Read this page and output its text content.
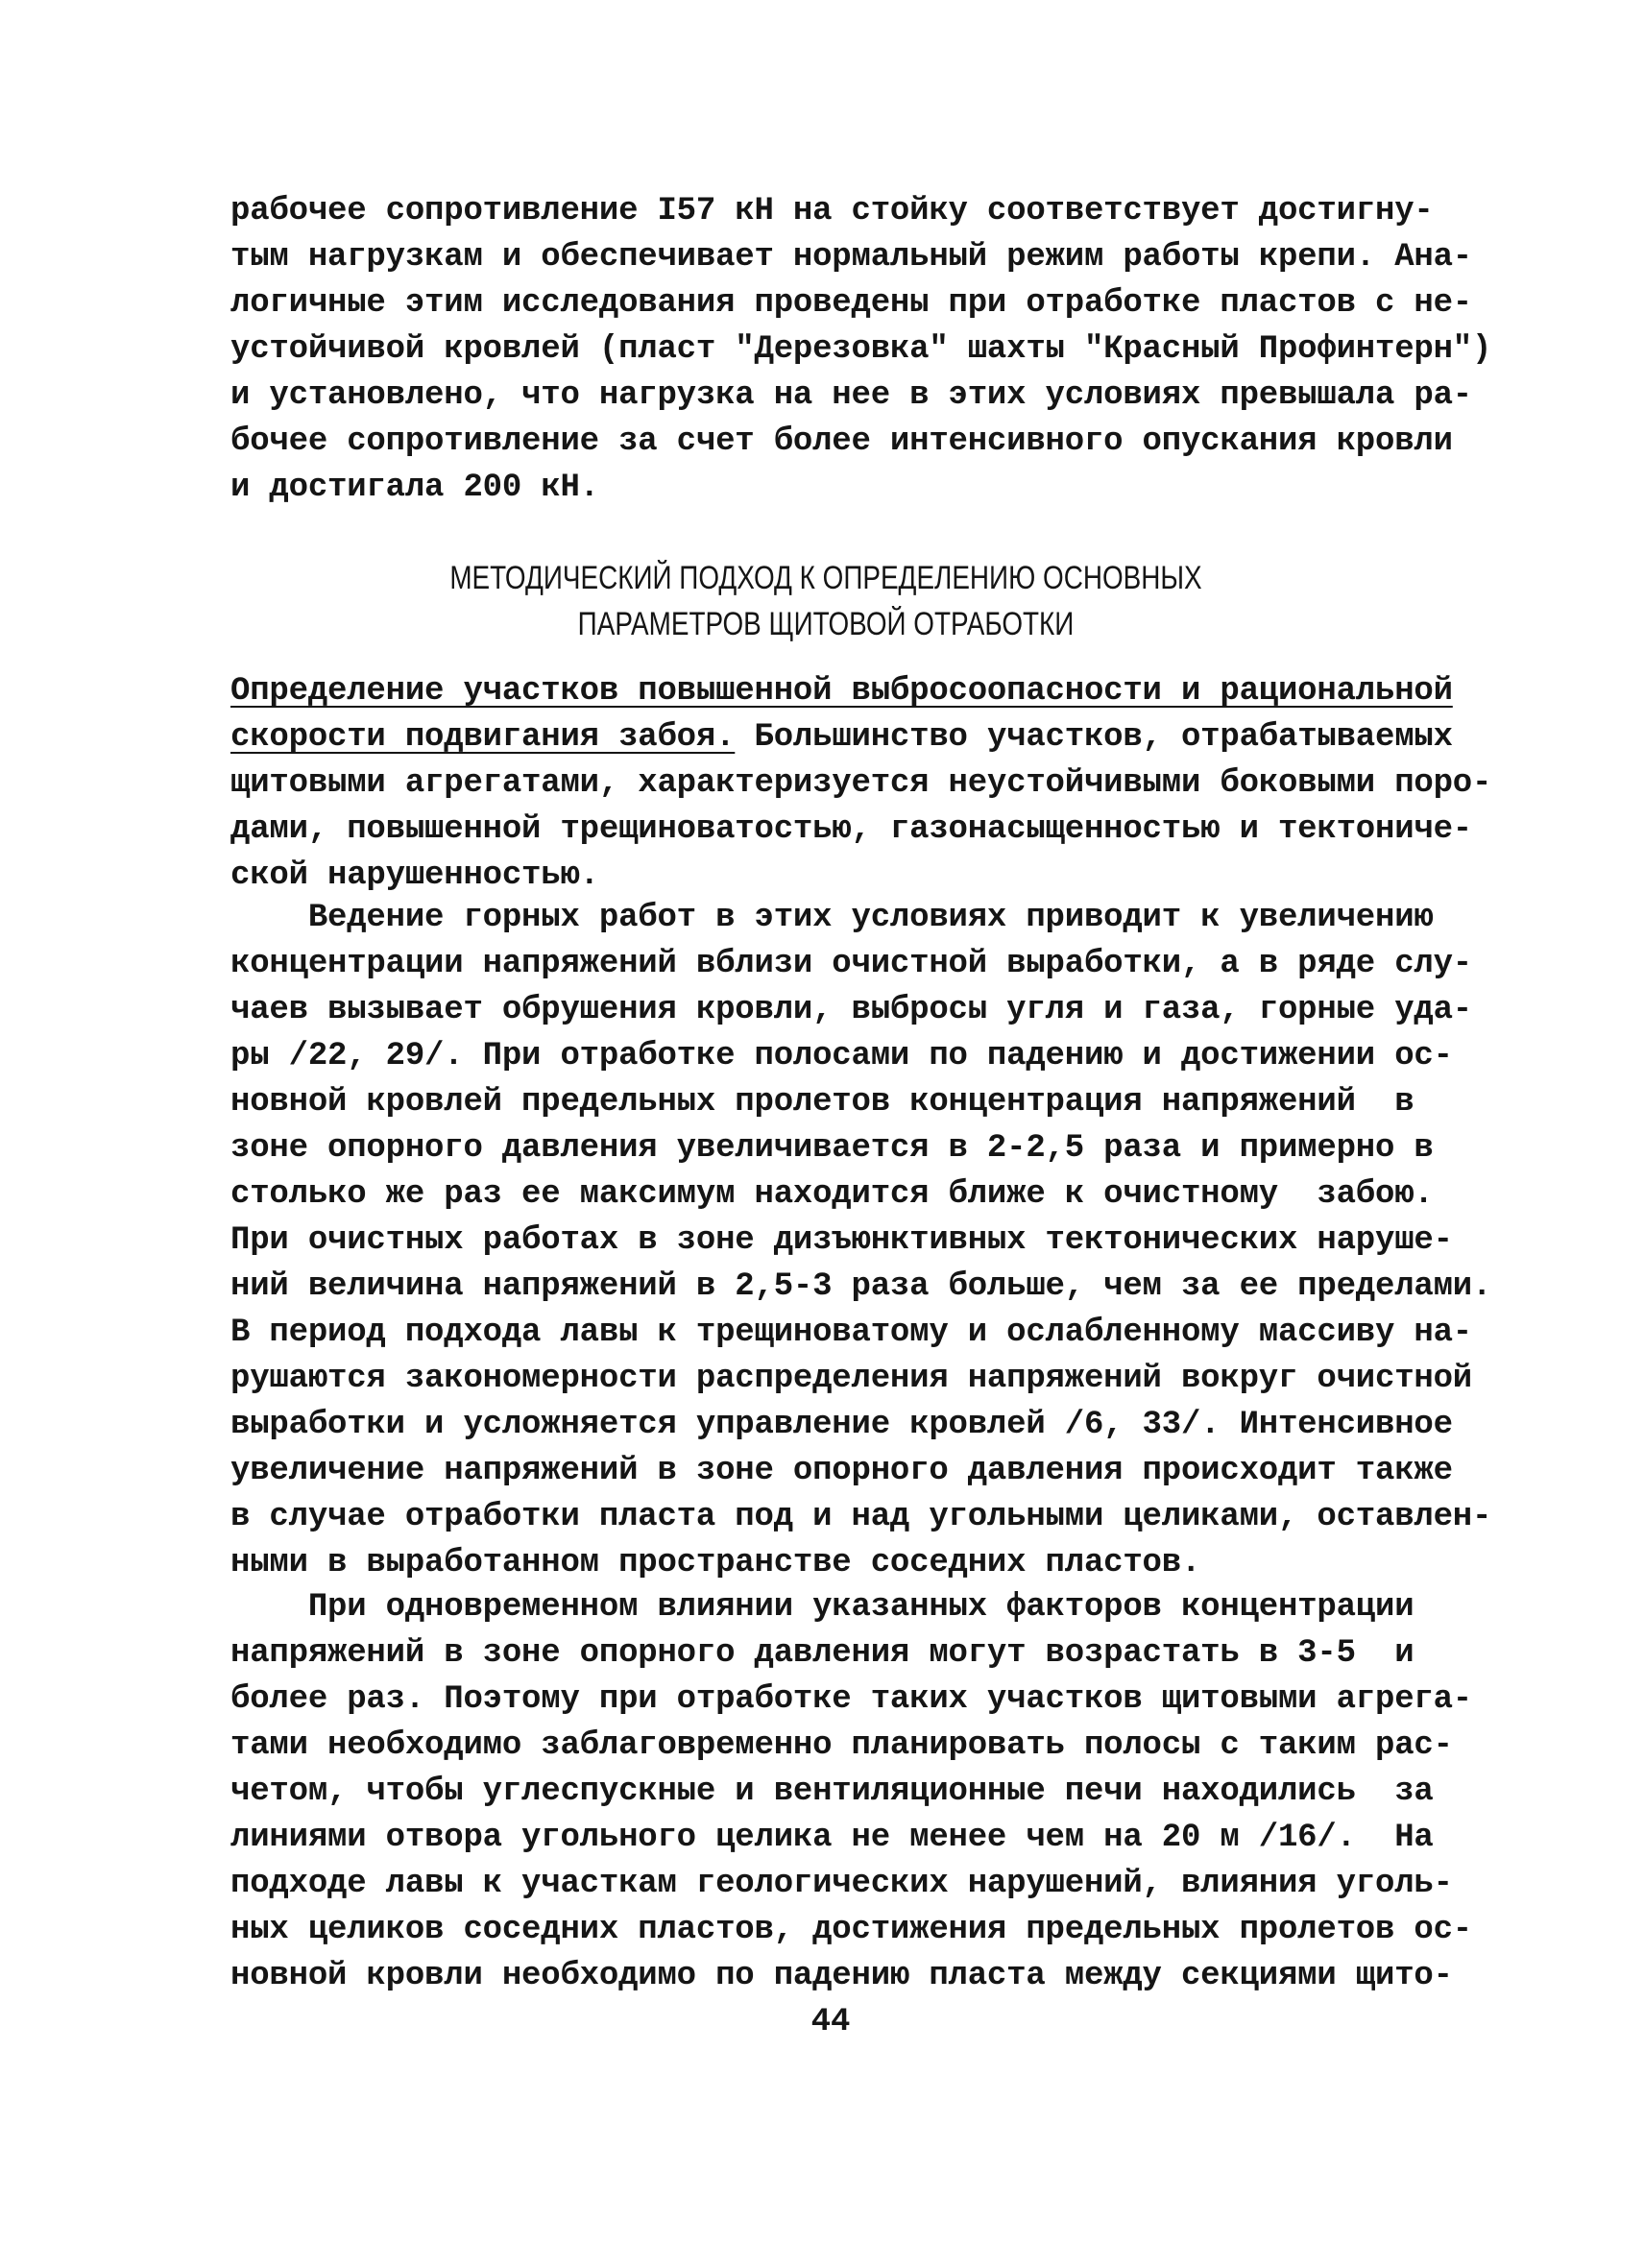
рабочее сопротивление I57 кН на стойку соответствует достигну-
тым нагрузкам и обеспечивает нормальный режим работы крепи. Ана-
логичные этим исследования проведены при отработке пластов с не-
устойчивой кровлей (пласт "Дерезовка" шахты "Красный Профинтерн")
и установлено, что нагрузка на нее в этих условиях превышала ра-
бочее сопротивление за счет более интенсивного опускания кровли
и достигала 200 кН.
МЕТОДИЧЕСКИЙ ПОДХОД К ОПРЕДЕЛЕНИЮ ОСНОВНЫХ
ПАРАМЕТРОВ ЩИТОВОЙ ОТРАБОТКИ
Определение участков повышенной выбросоопасности и рациональной
скорости подвигания забоя. Большинство участков, отрабатываемых
щитовыми агрегатами, характеризуется неустойчивыми боковыми поро-
дами, повышенной трещиноватостью, газонасыщенностью и тектониче-
ской нарушенностью.
Ведение горных работ в этих условиях приводит к увеличению
концентрации напряжений вблизи очистной выработки, а в ряде слу-
чаев вызывает обрушения кровли, выбросы угля и газа, горные уда-
ры /22, 29/. При отработке полосами по падению и достижении ос-
новной кровлей предельных пролетов концентрация напряжений  в
зоне опорного давления увеличивается в 2-2,5 раза и примерно в
столько же раз ее максимум находится ближе к очистному  забою.
При очистных работах в зоне дизъюнктивных тектонических наруше-
ний величина напряжений в 2,5-3 раза больше, чем за ее пределами.
В период подхода лавы к трещиноватому и ослабленному массиву на-
рушаются закономерности распределения напряжений вокруг очистной
выработки и усложняется управление кровлей /6, 33/. Интенсивное
увеличение напряжений в зоне опорного давления происходит также
в случае отработки пласта под и над угольными целиками, оставлен-
ными в выработанном пространстве соседних пластов.
При одновременном влиянии указанных факторов концентрации
напряжений в зоне опорного давления могут возрастать в 3-5  и
более раз. Поэтому при отработке таких участков щитовыми агрега-
тами необходимо заблаговременно планировать полосы с таким рас-
четом, чтобы углеспускные и вентиляционные печи находились  за
линиями отвора угольного целика не менее чем на 20 м /16/.  На
подходе лавы к участкам геологических нарушений, влияния уголь-
ных целиков соседних пластов, достижения предельных пролетов ос-
новной кровли необходимо по падению пласта между секциями щито-
44
